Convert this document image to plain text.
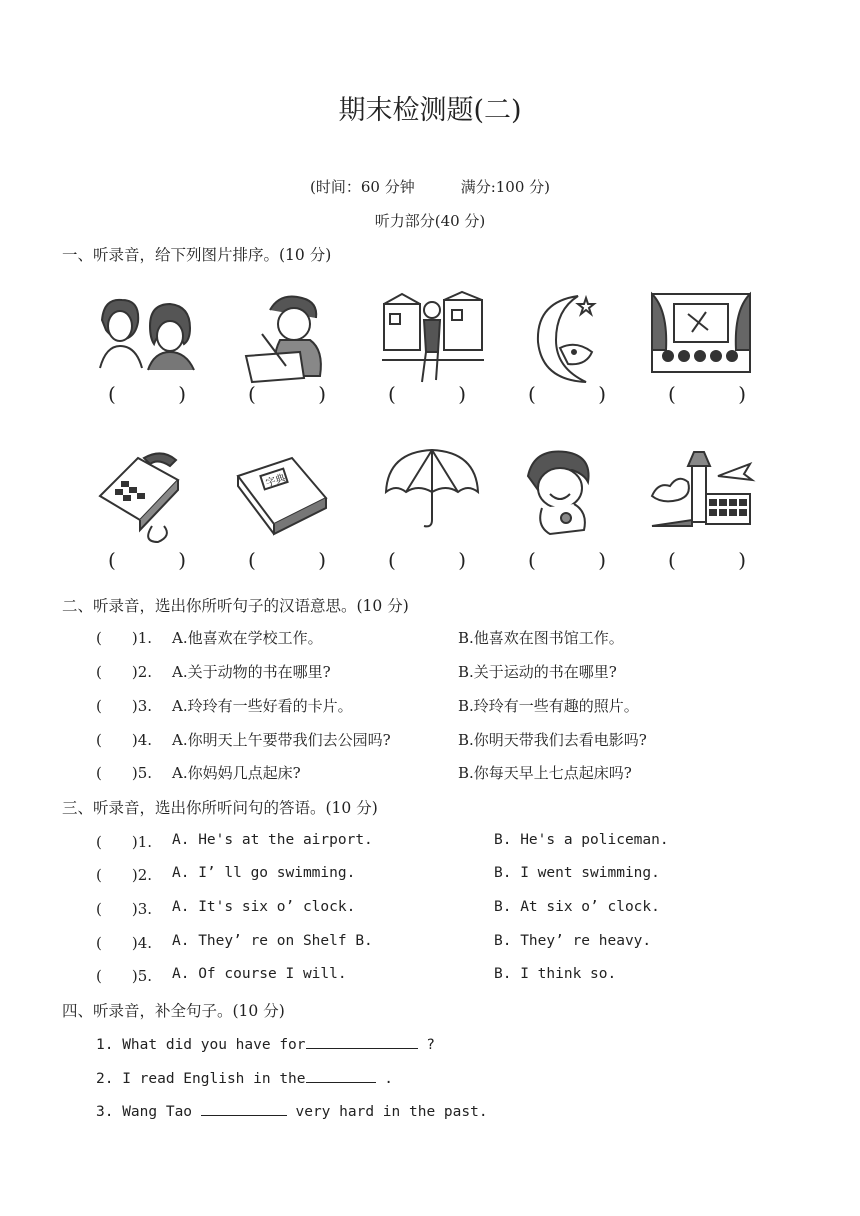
期末检测题(二)
(时间：60 分钟	满分:100 分)
听力部分(40 分)
一、听录音，给下列图片排序。(10 分)
(	)	(	)	(	)	(	)	(	)
字典
(	)	(	)	(	)	(	)	(	)
二、听录音，选出你所听句子的汉语意思。(10 分)
(　　)1. A.他喜欢在学校工作。	B.他喜欢在图书馆工作。
(　　)2. A.关于动物的书在哪里?	B.关于运动的书在哪里?
(　　)3. A.玲玲有一些好看的卡片。	B.玲玲有一些有趣的照片。
(　　)4. A.你明天上午要带我们去公园吗?	B.你明天带我们去看电影吗?
(　　)5. A.你妈妈几点起床?	B.你每天早上七点起床吗?
三、听录音，选出你所听问句的答语。(10 分)
(　　)1. A. He's at the airport.	B. He's a policeman.
(　　)2. A. I’ ll go swimming.	B. I went swimming.
(　　)3. A. It's six o’ clock.	B. At six o’ clock.
(　　)4. A. They’ re on Shelf B.	B. They’ re heavy.
(　　)5. A. Of course I will.	B. I think so.
四、听录音，补全句子。(10 分)
1. What did you have for	?
2. I read English in the	.
3. Wang Tao	very hard in the past.
